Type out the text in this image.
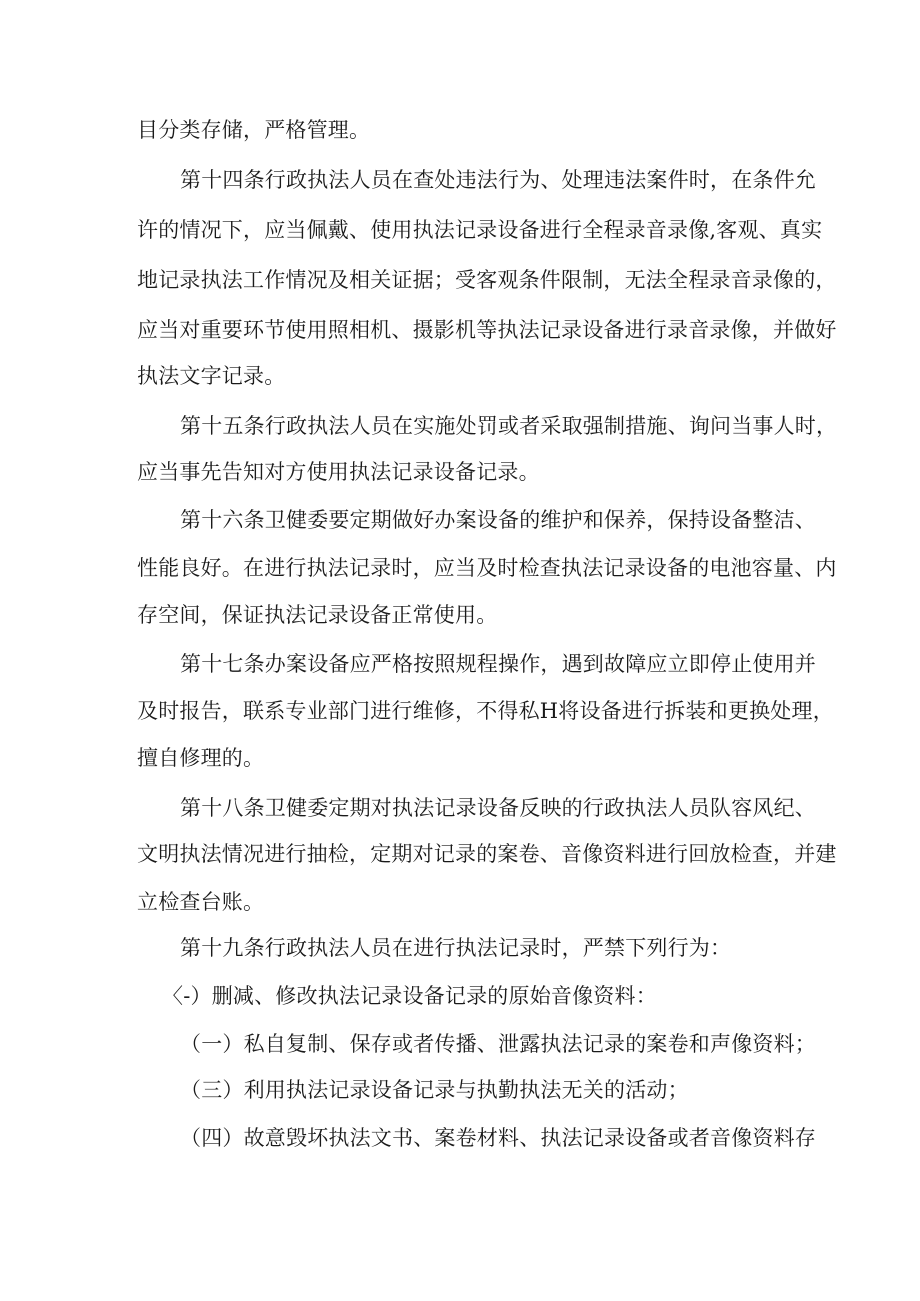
目分类存储，严格管理。
第十四条行政执法人员在查处违法行为、处理违法案件时，在条件允
许的情况下，应当佩戴、使用执法记录设备进行全程录音录像,客观、真实
地记录执法工作情况及相关证据；受客观条件限制，无法全程录音录像的，
应当对重要环节使用照相机、摄影机等执法记录设备进行录音录像，并做好
执法文字记录。
第十五条行政执法人员在实施处罚或者采取强制措施、询问当事人时，
应当事先告知对方使用执法记录设备记录。
第十六条卫健委要定期做好办案设备的维护和保养，保持设备整洁、
性能良好。在进行执法记录时，应当及时检查执法记录设备的电池容量、内
存空间，保证执法记录设备正常使用。
第十七条办案设备应严格按照规程操作，遇到故障应立即停止使用并
及时报告，联系专业部门进行维修，不得私H将设备进行拆装和更换处理，
擅自修理的。
第十八条卫健委定期对执法记录设备反映的行政执法人员队容风纪、
文明执法情况进行抽检，定期对记录的案卷、音像资料进行回放检查，并建
立检查台账。
第十九条行政执法人员在进行执法记录时，严禁下列行为：
〈-）删减、修改执法记录设备记录的原始音像资料：
（一）私自复制、保存或者传播、泄露执法记录的案卷和声像资料；
（三）利用执法记录设备记录与执勤执法无关的活动；
（四）故意毁坏执法文书、案卷材料、执法记录设备或者音像资料存
